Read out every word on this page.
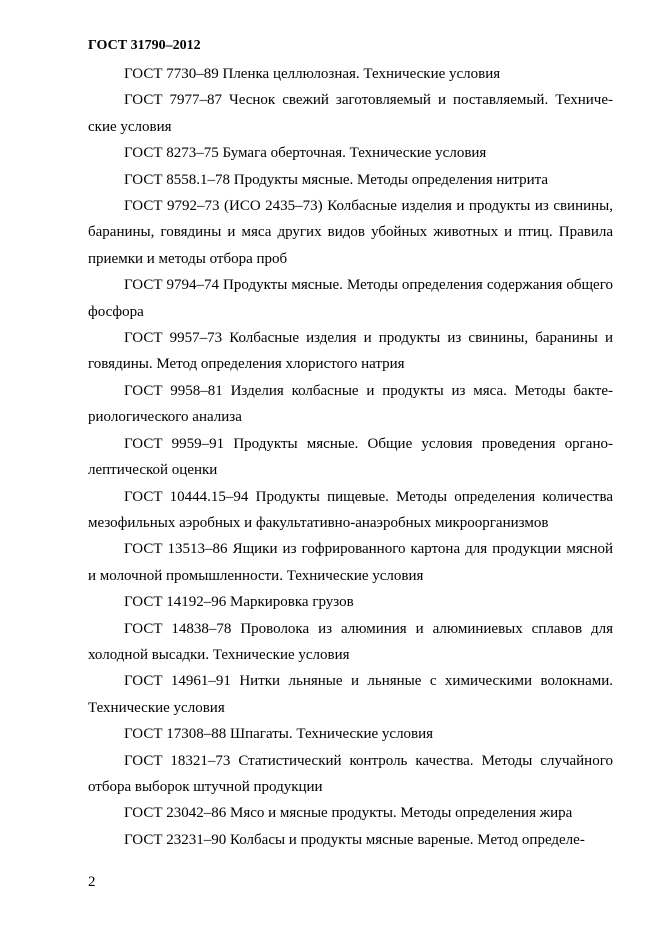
ГОСТ 31790–2012

ГОСТ 7730–89 Пленка целлюлозная. Технические условия

ГОСТ 7977–87 Чеснок свежий заготовляемый и поставляемый. Технические условия

ГОСТ 8273–75 Бумага оберточная. Технические условия

ГОСТ 8558.1–78 Продукты мясные. Методы определения нитрита

ГОСТ 9792–73 (ИСО 2435–73) Колбасные изделия и продукты из свинины, баранины, говядины и мяса других видов убойных животных и птиц. Правила приемки и методы отбора проб

ГОСТ 9794–74 Продукты мясные. Методы определения содержания общего фосфора

ГОСТ 9957–73 Колбасные изделия и продукты из свинины, баранины и говядины. Метод определения хлористого натрия

ГОСТ 9958–81 Изделия колбасные и продукты из мяса. Методы бактериологического анализа

ГОСТ 9959–91 Продукты мясные. Общие условия проведения органолептической оценки

ГОСТ 10444.15–94 Продукты пищевые. Методы определения количества мезофильных аэробных и факультативно-анаэробных микроорганизмов

ГОСТ 13513–86 Ящики из гофрированного картона для продукции мясной и молочной промышленности. Технические условия

ГОСТ 14192–96 Маркировка грузов

ГОСТ 14838–78 Проволока из алюминия и алюминиевых сплавов для холодной высадки. Технические условия

ГОСТ 14961–91 Нитки льняные и льняные с химическими волокнами. Технические условия

ГОСТ 17308–88 Шпагаты. Технические условия

ГОСТ 18321–73 Статистический контроль качества. Методы случайного отбора выборок штучной продукции

ГОСТ 23042–86 Мясо и мясные продукты. Методы определения жира

ГОСТ 23231–90 Колбасы и продукты мясные вареные. Метод определе-

2
